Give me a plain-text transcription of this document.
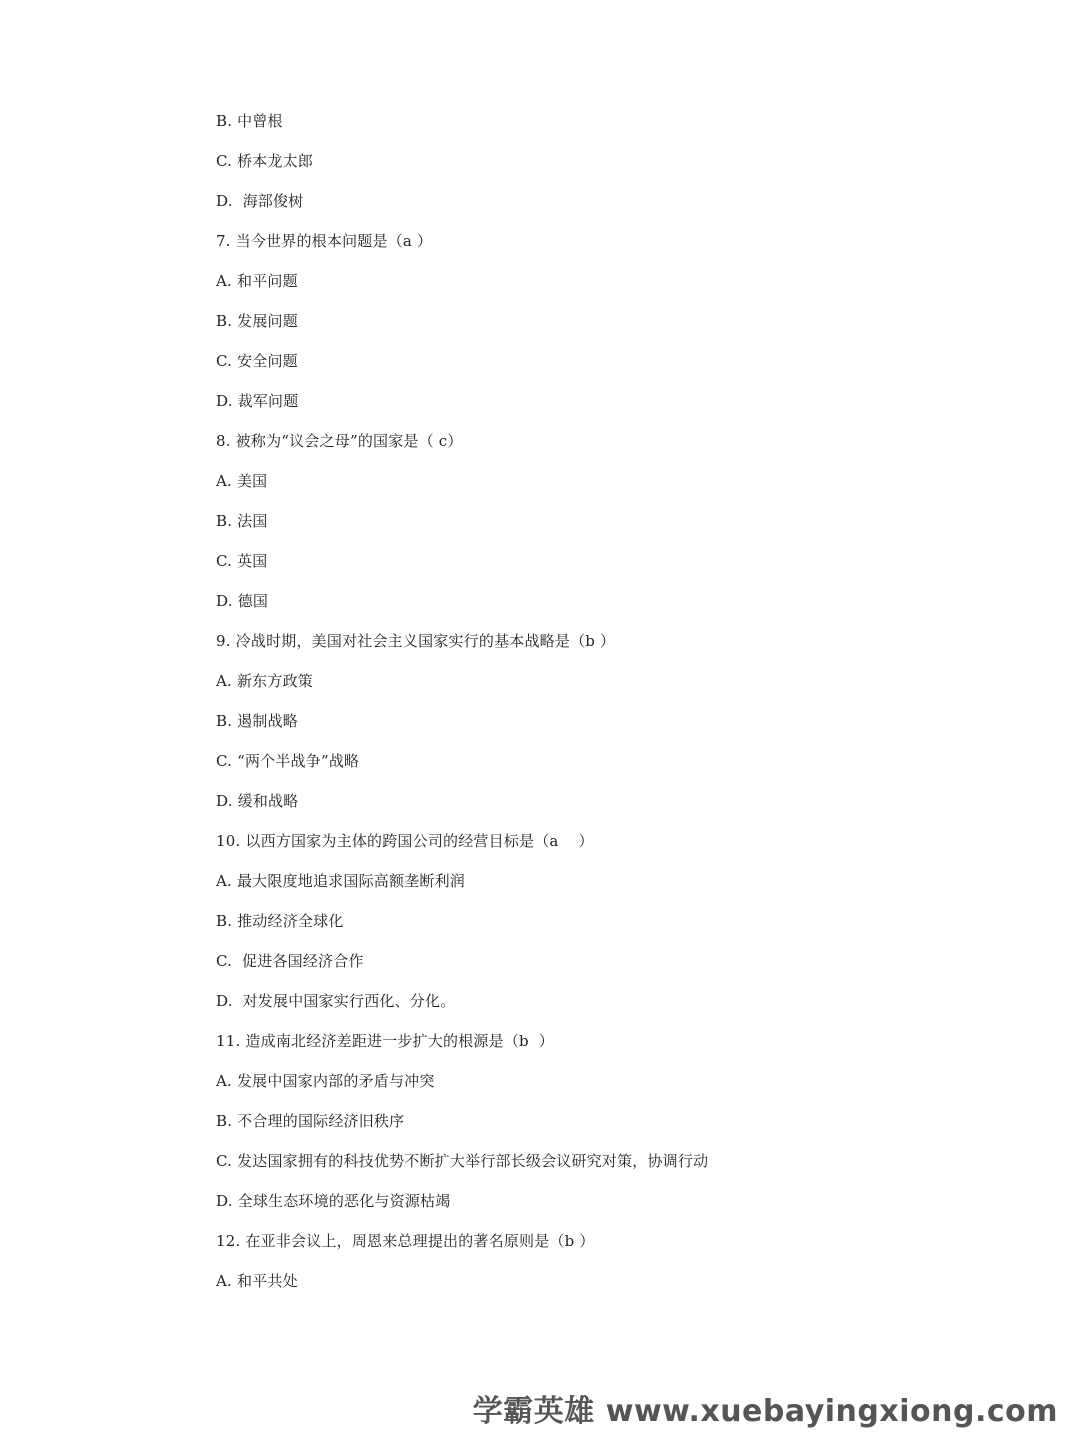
B. 中曾根
C. 桥本龙太郎
D.  海部俊树
7. 当今世界的根本问题是（a ）
A. 和平问题
B. 发展问题
C. 安全问题
D. 裁军问题
8. 被称为“议会之母”的国家是（ c）
A. 美国
B. 法国
C. 英国
D. 德国
9. 冷战时期，美国对社会主义国家实行的基本战略是（b ）
A. 新东方政策
B. 遏制战略
C. “两个半战争”战略
D. 缓和战略
10. 以西方国家为主体的跨国公司的经营目标是（a    ）
A. 最大限度地追求国际高额垄断利润
B. 推动经济全球化
C.  促进各国经济合作
D.  对发展中国家实行西化、分化。
11. 造成南北经济差距进一步扩大的根源是（b  ）
A. 发展中国家内部的矛盾与冲突
B. 不合理的国际经济旧秩序
C. 发达国家拥有的科技优势不断扩大举行部长级会议研究对策，协调行动
D. 全球生态环境的恶化与资源枯竭
12. 在亚非会议上，周恩来总理提出的著名原则是（b ）
A. 和平共处
学霸英雄 www.xuebayingxiong.com
